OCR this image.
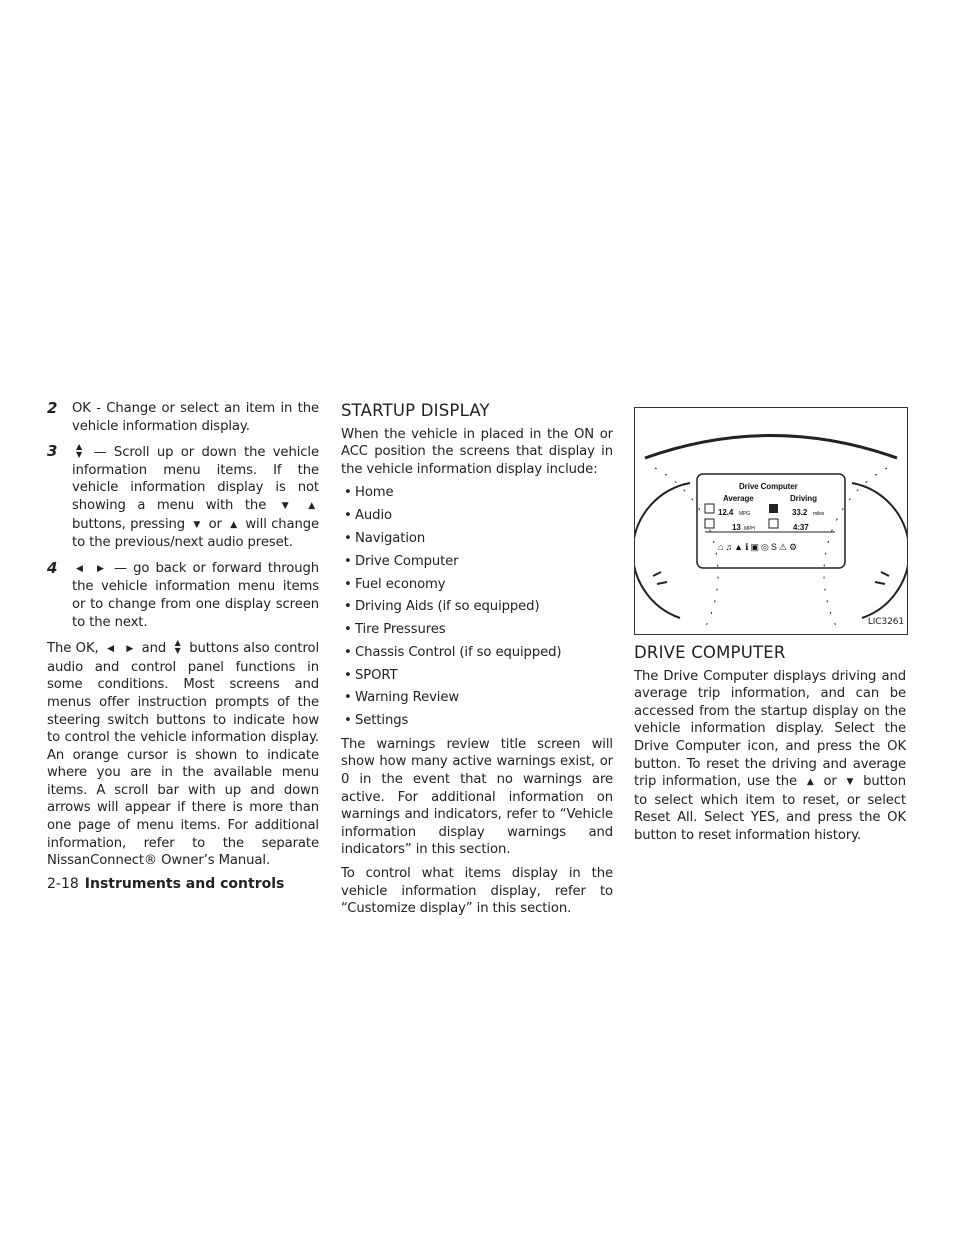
2 OK - Change or select an item in the vehicle information display.
3 ▲
▼ — Scroll up or down the vehicle information menu items. If the vehicle information display is not showing a menu with the ▼ ▲ buttons, pressing ▼ or ▲ will change to the previous/next audio preset.
4 ◀ ▶ — go back or forward through the vehicle information menu items or to change from one display screen to the next.

The OK, ◀ ▶ and ▲
▼ buttons also control audio and control panel functions in some conditions. Most screens and menus offer instruction prompts of the steering switch buttons to indicate how to control the vehicle information display. An orange cursor is shown to indicate where you are in the available menu items. A scroll bar with up and down arrows will appear if there is more than one page of menu items. For additional information, refer to the separate NissanConnect® Owner’s Manual.

STARTUP DISPLAY

When the vehicle in placed in the ON or ACC position the screens that display in the vehicle information display include:

• Home
• Audio
• Navigation
• Drive Computer
• Fuel economy
• Driving Aids (if so equipped)
• Tire Pressures
• Chassis Control (if so equipped)
• SPORT
• Warning Review
• Settings

The warnings review title screen will show how many active warnings exist, or 0 in the event that no warnings are active. For additional information on warnings and indicators, refer to “Vehicle information display warnings and indicators” in this section.

To control what items display in the vehicle information display, refer to “Customize display” in this section.

Drive Computer
Average	Driving
12.4 MPG
13 MPH
33.2 miles
4:37
⌂♫▲ℹ▣◎S⚠⚙
LIC3261
DRIVE COMPUTER

The Drive Computer displays driving and average trip information, and can be accessed from the startup display on the vehicle information display. Select the Drive Computer icon, and press the OK button. To reset the driving and average trip information, use the ▲ or ▼ button to select which item to reset, or select Reset All. Select YES, and press the OK button to reset information history.

2-18 Instruments and controls
